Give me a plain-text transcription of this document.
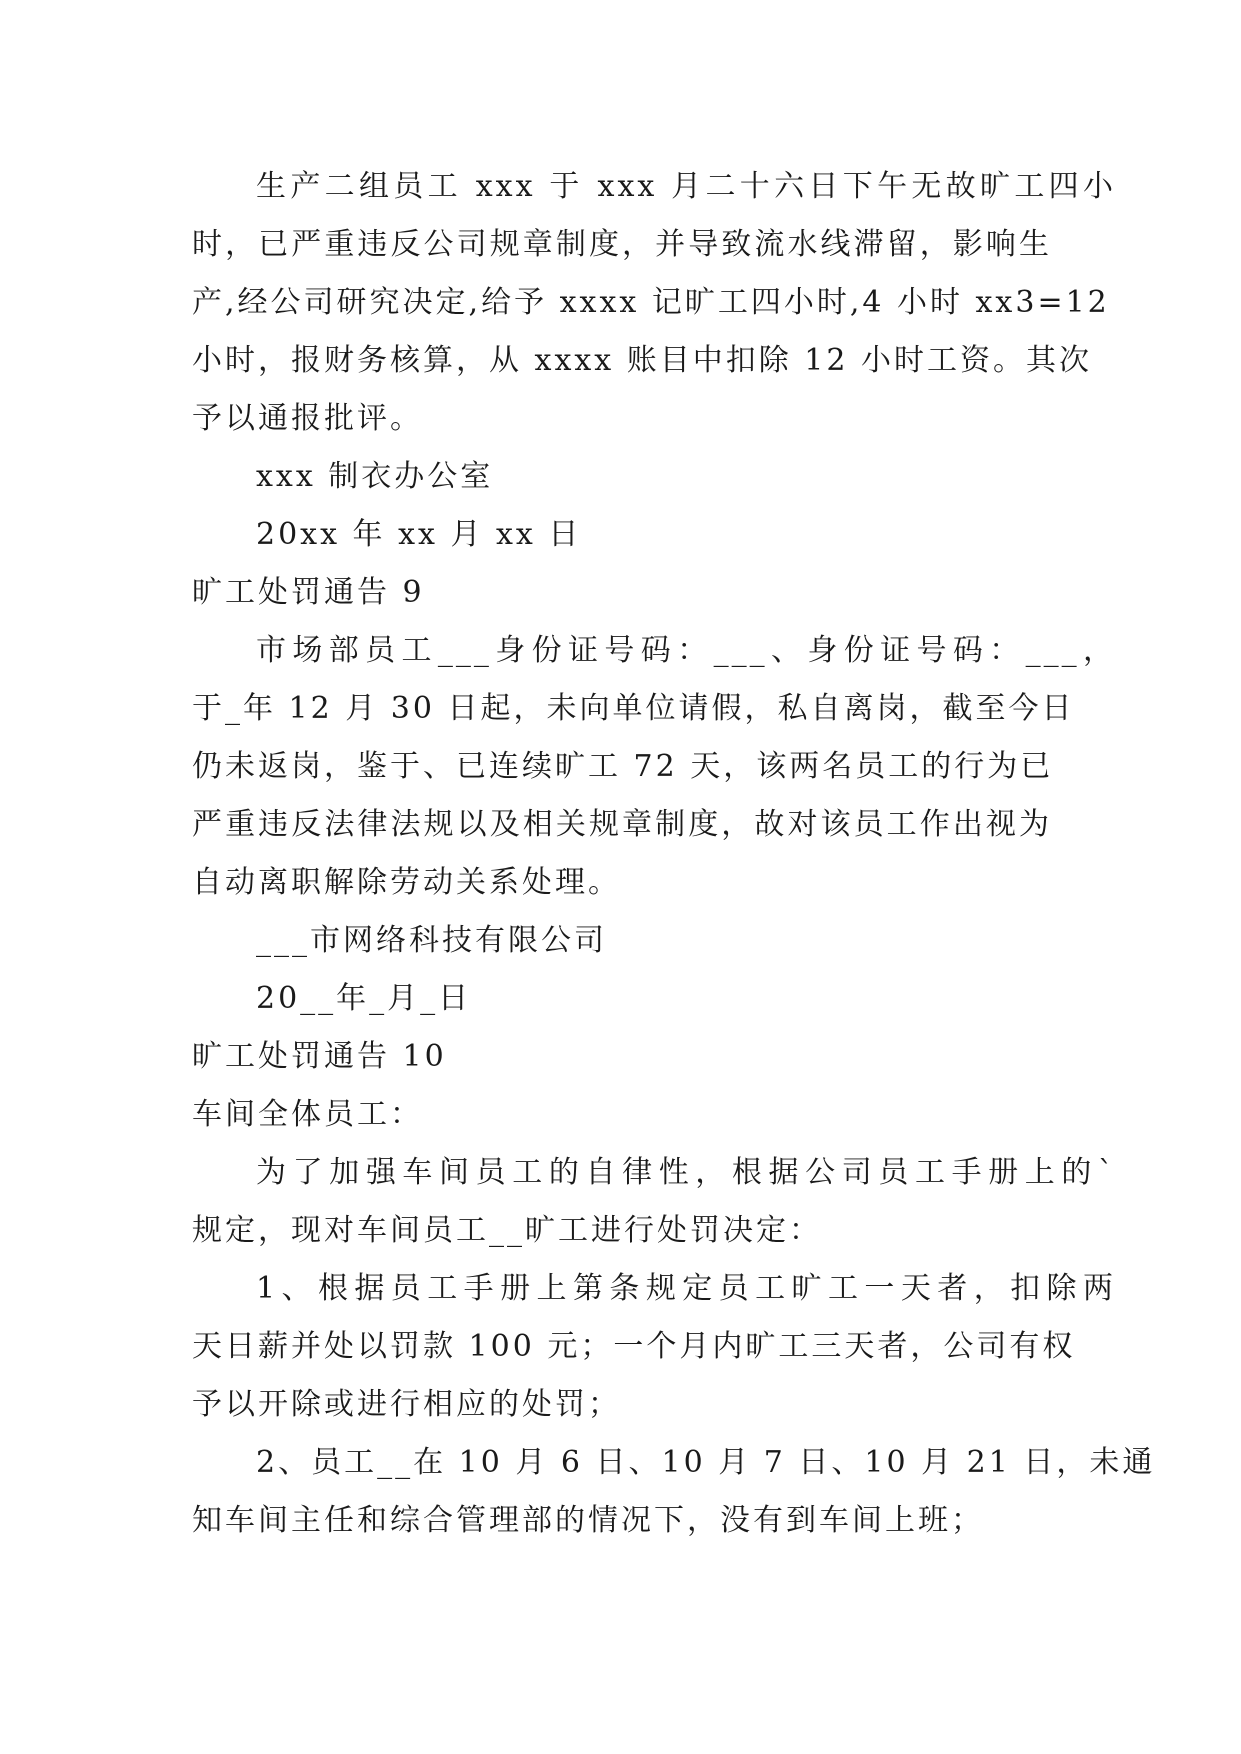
生产二组员工 xxx 于 xxx 月二十六日下午无故旷工四小
时，已严重违反公司规章制度，并导致流水线滞留，影响生
产,经公司研究决定,给予 xxxx 记旷工四小时,4 小时 xx3=12
小时，报财务核算，从 xxxx 账目中扣除 12 小时工资。其次
予以通报批评。
xxx 制衣办公室
20xx 年 xx 月 xx 日
旷工处罚通告 9
市场部员工___身份证号码：___、身份证号码：___，
于_年 12 月 30 日起，未向单位请假，私自离岗，截至今日
仍未返岗，鉴于、已连续旷工 72 天，该两名员工的行为已
严重违反法律法规以及相关规章制度，故对该员工作出视为
自动离职解除劳动关系处理。
___市网络科技有限公司
20__年_月_日
旷工处罚通告 10
车间全体员工：
为了加强车间员工的自律性，根据公司员工手册上的`
规定，现对车间员工__旷工进行处罚决定：
1、根据员工手册上第条规定员工旷工一天者，扣除两
天日薪并处以罚款 100 元；一个月内旷工三天者，公司有权
予以开除或进行相应的处罚；
2、员工__在 10 月 6 日、10 月 7 日、10 月 21 日，未通
知车间主任和综合管理部的情况下，没有到车间上班；
